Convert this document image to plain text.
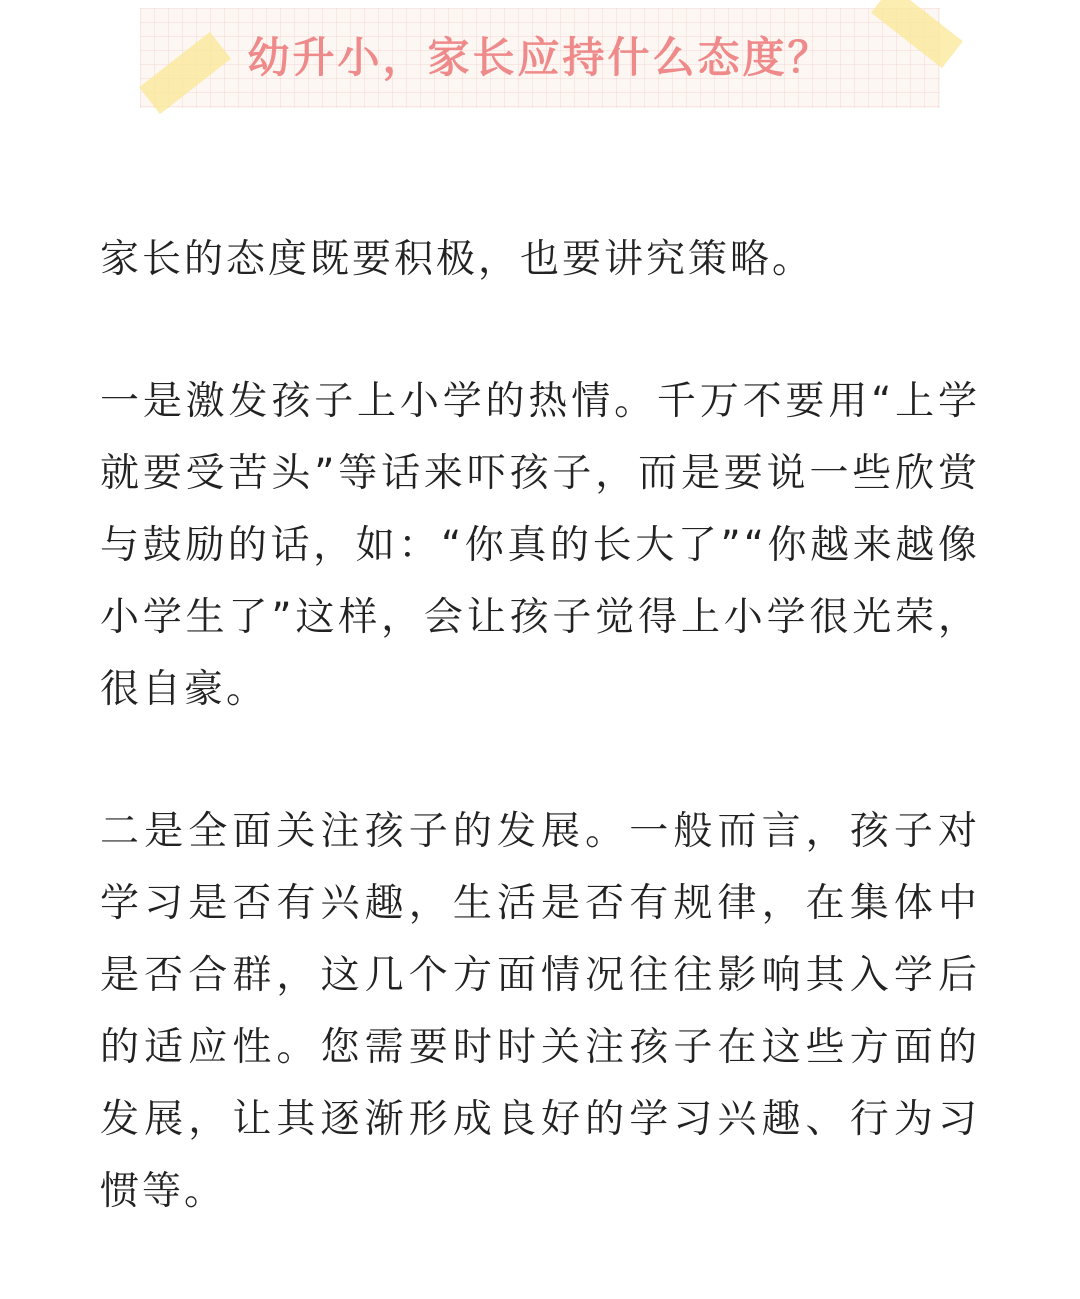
幼升小，家长应持什么态度？

家长的态度既要积极，也要讲究策略。

一是激发孩子上小学的热情。千万不要用“上学就要受苦头”等话来吓孩子，而是要说一些欣赏与鼓励的话，如：“你真的长大了”“你越来越像小学生了”这样，会让孩子觉得上小学很光荣，很自豪。

二是全面关注孩子的发展。一般而言，孩子对学习是否有兴趣，生活是否有规律，在集体中是否合群，这几个方面情况往往影响其入学后的适应性。您需要时时关注孩子在这些方面的发展，让其逐渐形成良好的学习兴趣、行为习惯等。
